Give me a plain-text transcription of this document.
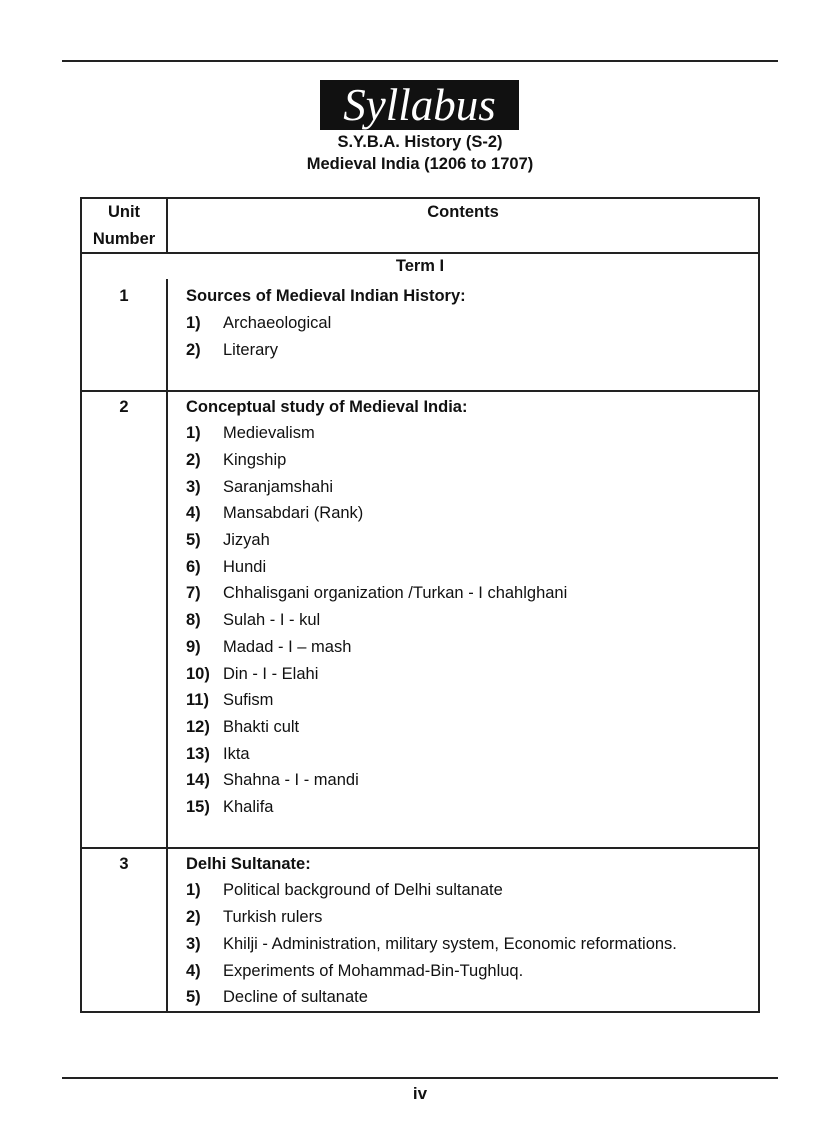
Syllabus
S.Y.B.A. History (S-2)
Medieval India (1206 to 1707)
Unit
Number
Contents
Term I
1	Sources of Medieval Indian History:
1)	Archaeological
2)	Literary
2	Conceptual study of Medieval India:
1)	Medievalism
2)	Kingship
3)	Saranjamshahi
4)	Mansabdari (Rank)
5)	Jizyah
6)	Hundi
7)	Chhalisgani organization /Turkan - I chahlghani
8)	Sulah - I - kul
9)	Madad - I – mash
10) Din - I - Elahi
11) Sufism
12) Bhakti cult
13) Ikta
14) Shahna - I - mandi
15) Khalifa
3	Delhi Sultanate:
1)	Political background of Delhi sultanate
2)	Turkish rulers
3)	Khilji - Administration, military system, Economic reformations.
4)	Experiments of Mohammad-Bin-Tughluq.
5)	Decline of sultanate
iv
